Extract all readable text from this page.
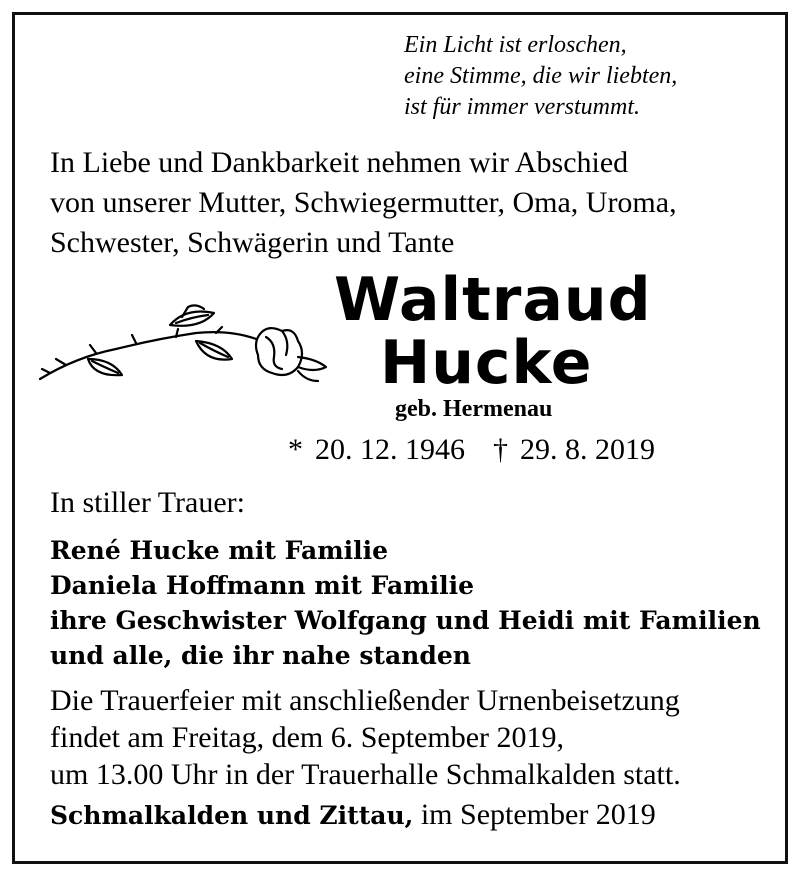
Ein Licht ist erloschen,
eine Stimme, die wir liebten,
ist für immer verstummt.
In Liebe und Dankbarkeit nehmen wir Abschied
von unserer Mutter, Schwiegermutter, Oma, Uroma,
Schwester, Schwägerin und Tante
Waltraud
Hucke
geb. Hermenau
* 20. 12. 1946 † 29. 8. 2019
In stiller Trauer:
René Hucke mit Familie
Daniela Hoffmann mit Familie
ihre Geschwister Wolfgang und Heidi mit Familien
und alle, die ihr nahe standen
Die Trauerfeier mit anschließender Urnenbeisetzung
findet am Freitag, dem 6. September 2019,
um 13.00 Uhr in der Trauerhalle Schmalkalden statt.
Schmalkalden und Zittau, im September 2019
